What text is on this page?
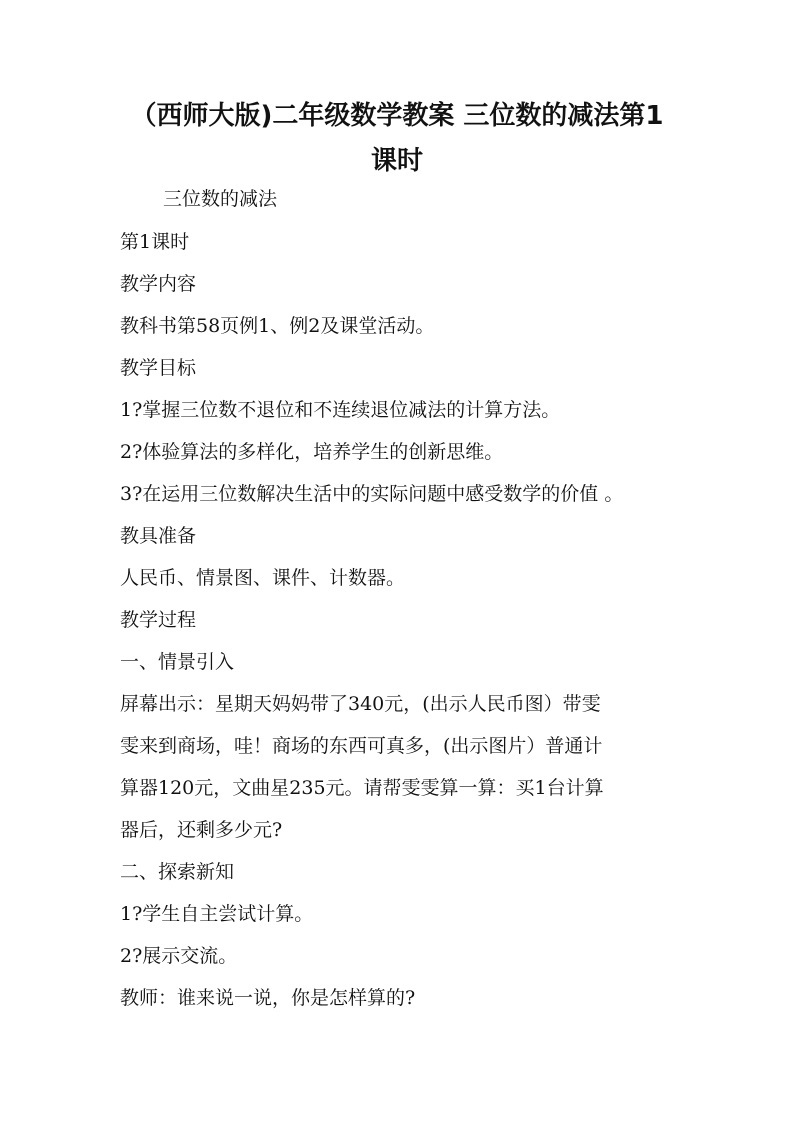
（西师大版)二年级数学教案 三位数的减法第1
课时
三位数的减法
第1课时
教学内容
教科书第58页例1、例2及课堂活动。
教学目标
1?掌握三位数不退位和不连续退位减法的计算方法。
2?体验算法的多样化，培养学生的创新思维。
3?在运用三位数解决生活中的实际问题中感受数学的价值 。
教具准备
人民币、情景图、课件、计数器。
教学过程
一、情景引入
屏幕出示：星期天妈妈带了340元，(出示人民币图）带雯
雯来到商场，哇！商场的东西可真多，(出示图片）普通计
算器120元，文曲星235元。请帮雯雯算一算：买1台计算
器后，还剩多少元?
二、探索新知
1?学生自主尝试计算。
2?展示交流。
教师：谁来说一说，你是怎样算的?
